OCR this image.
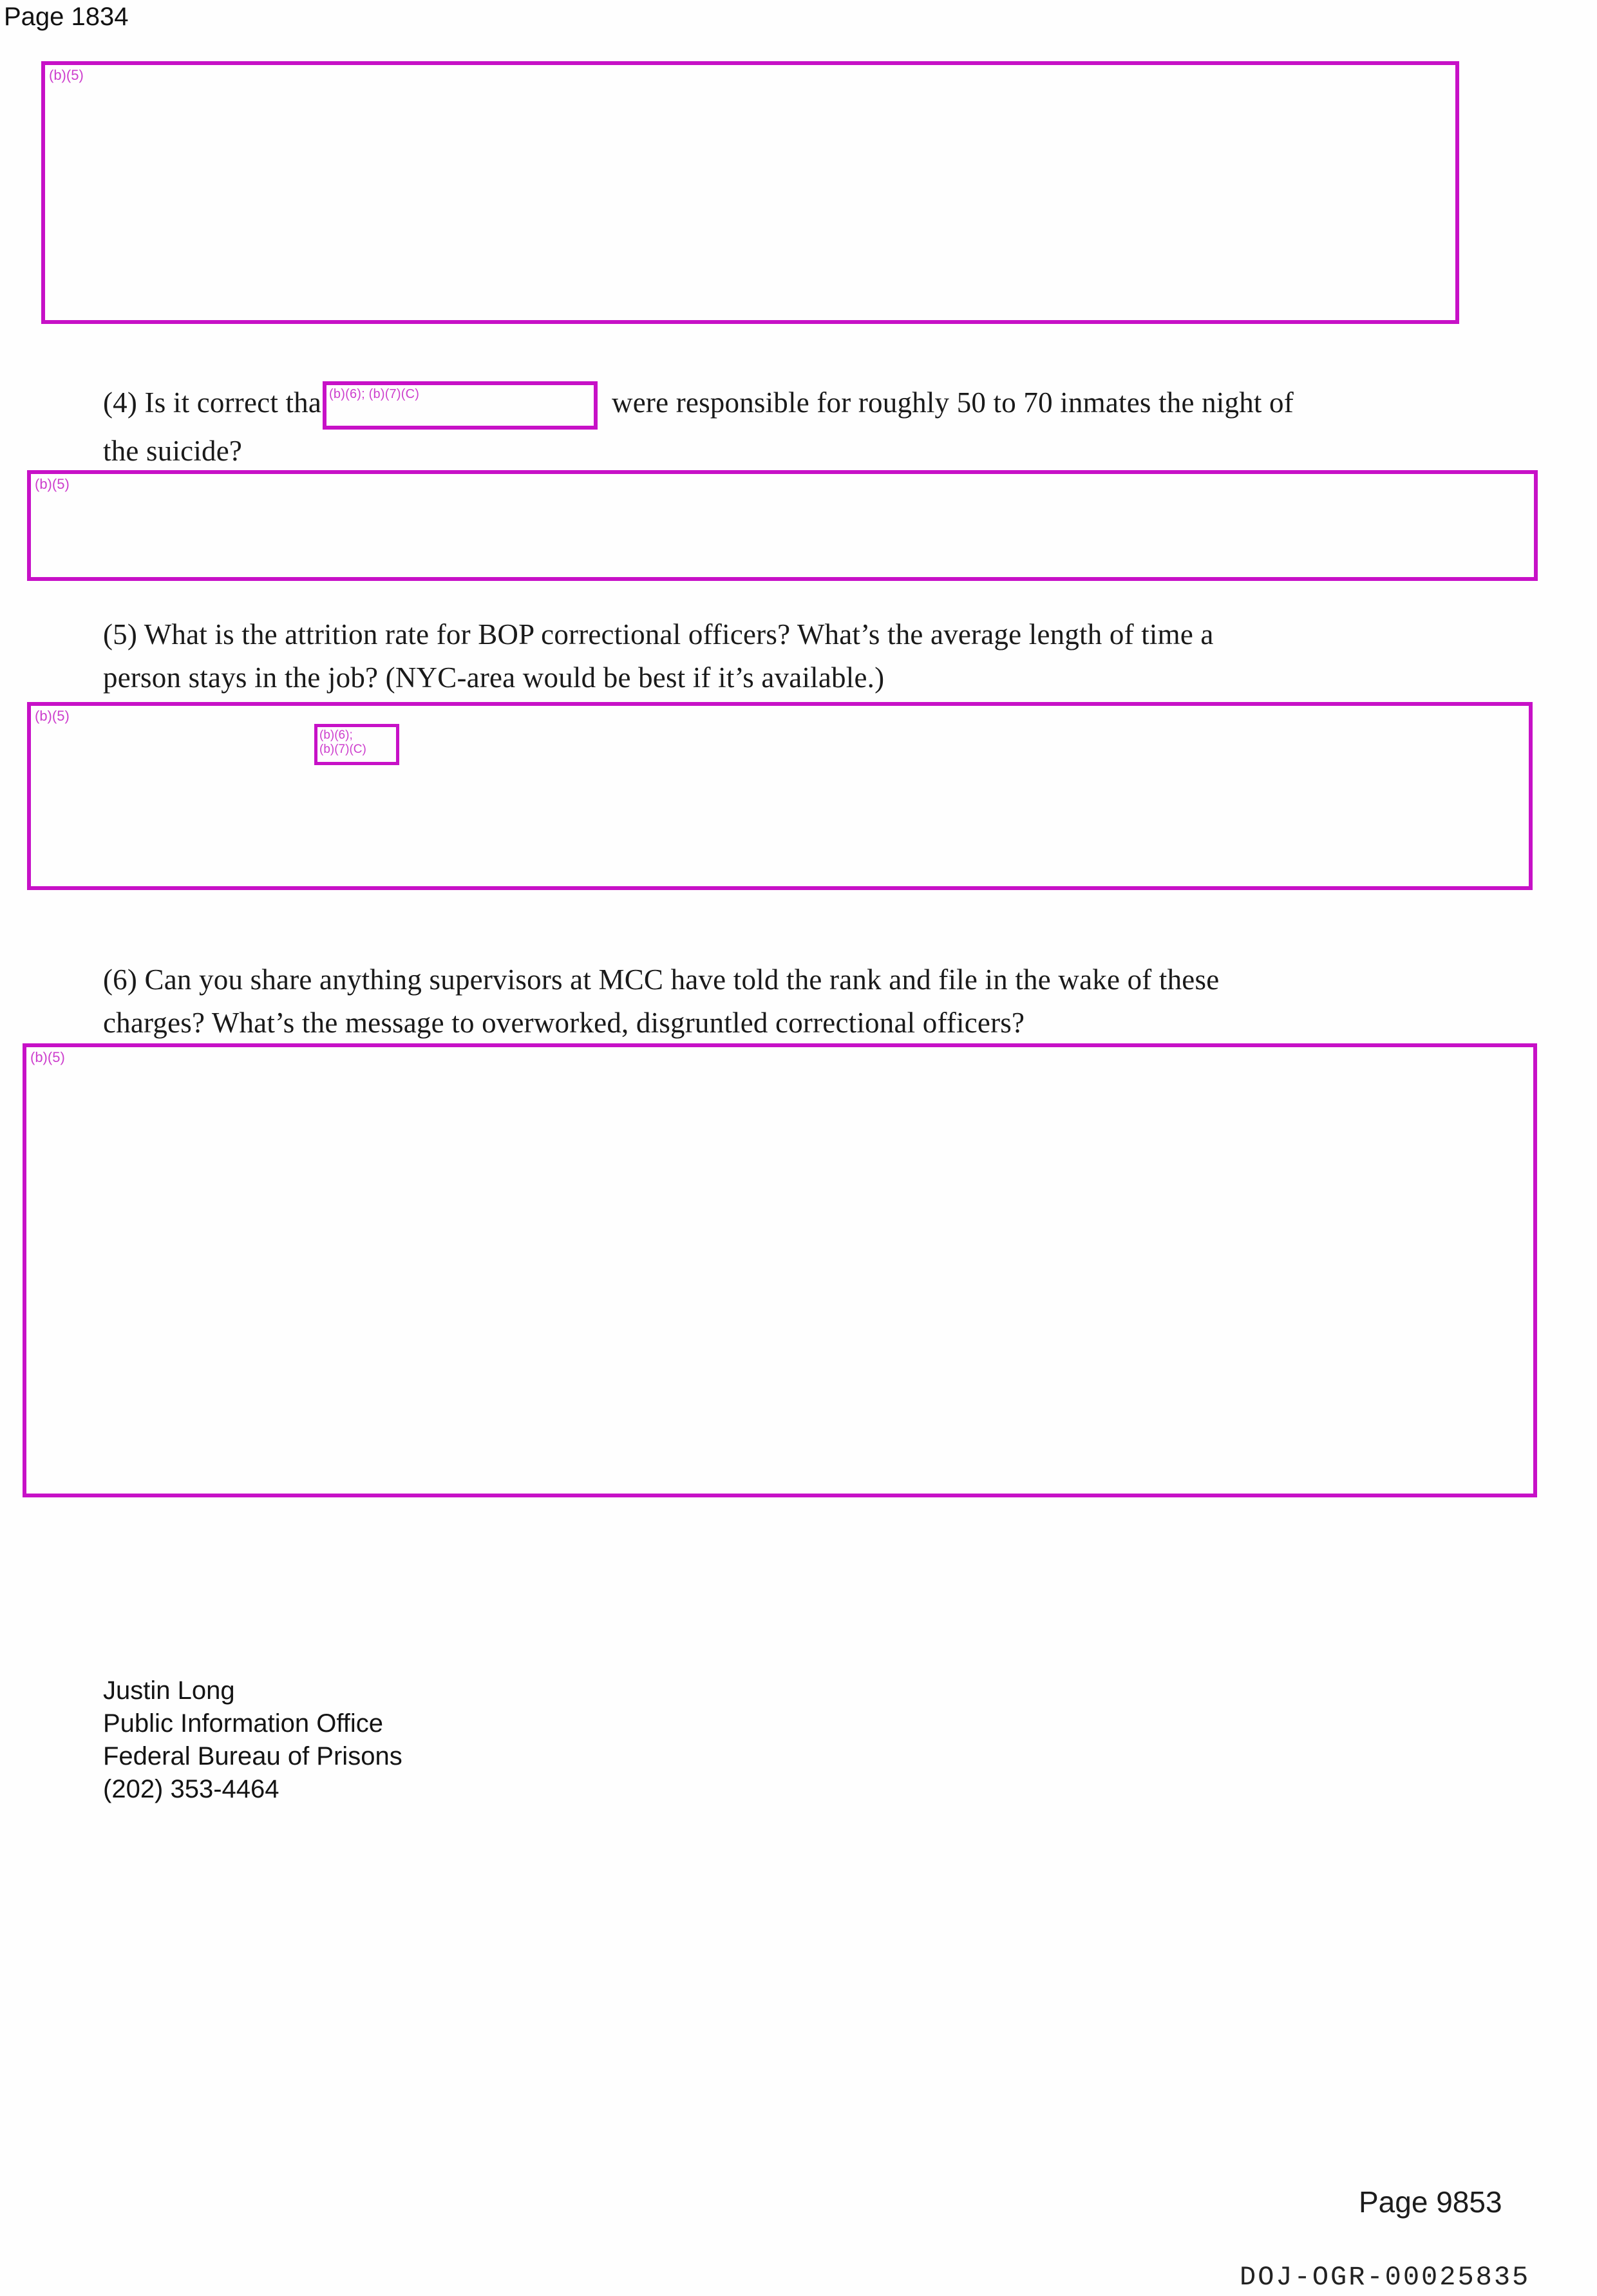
Page 1834
(b)(5)
(4) Is it correct tha (b)(6); (b)(7)(C)	were responsible for roughly 50 to 70 inmates the night of
the suicide?
(b)(5)
(5) What is the attrition rate for BOP correctional officers? What’s the average length of time a
person stays in the job? (NYC-area would be best if it’s available.)
(b)(5)
(b)(6);
(b)(7)(C)
(6) Can you share anything supervisors at MCC have told the rank and file in the wake of these
charges? What’s the message to overworked, disgruntled correctional officers?
(b)(5)
Justin Long
Public Information Office
Federal Bureau of Prisons
(202) 353-4464
Page 9853
DOJ-OGR-00025835
